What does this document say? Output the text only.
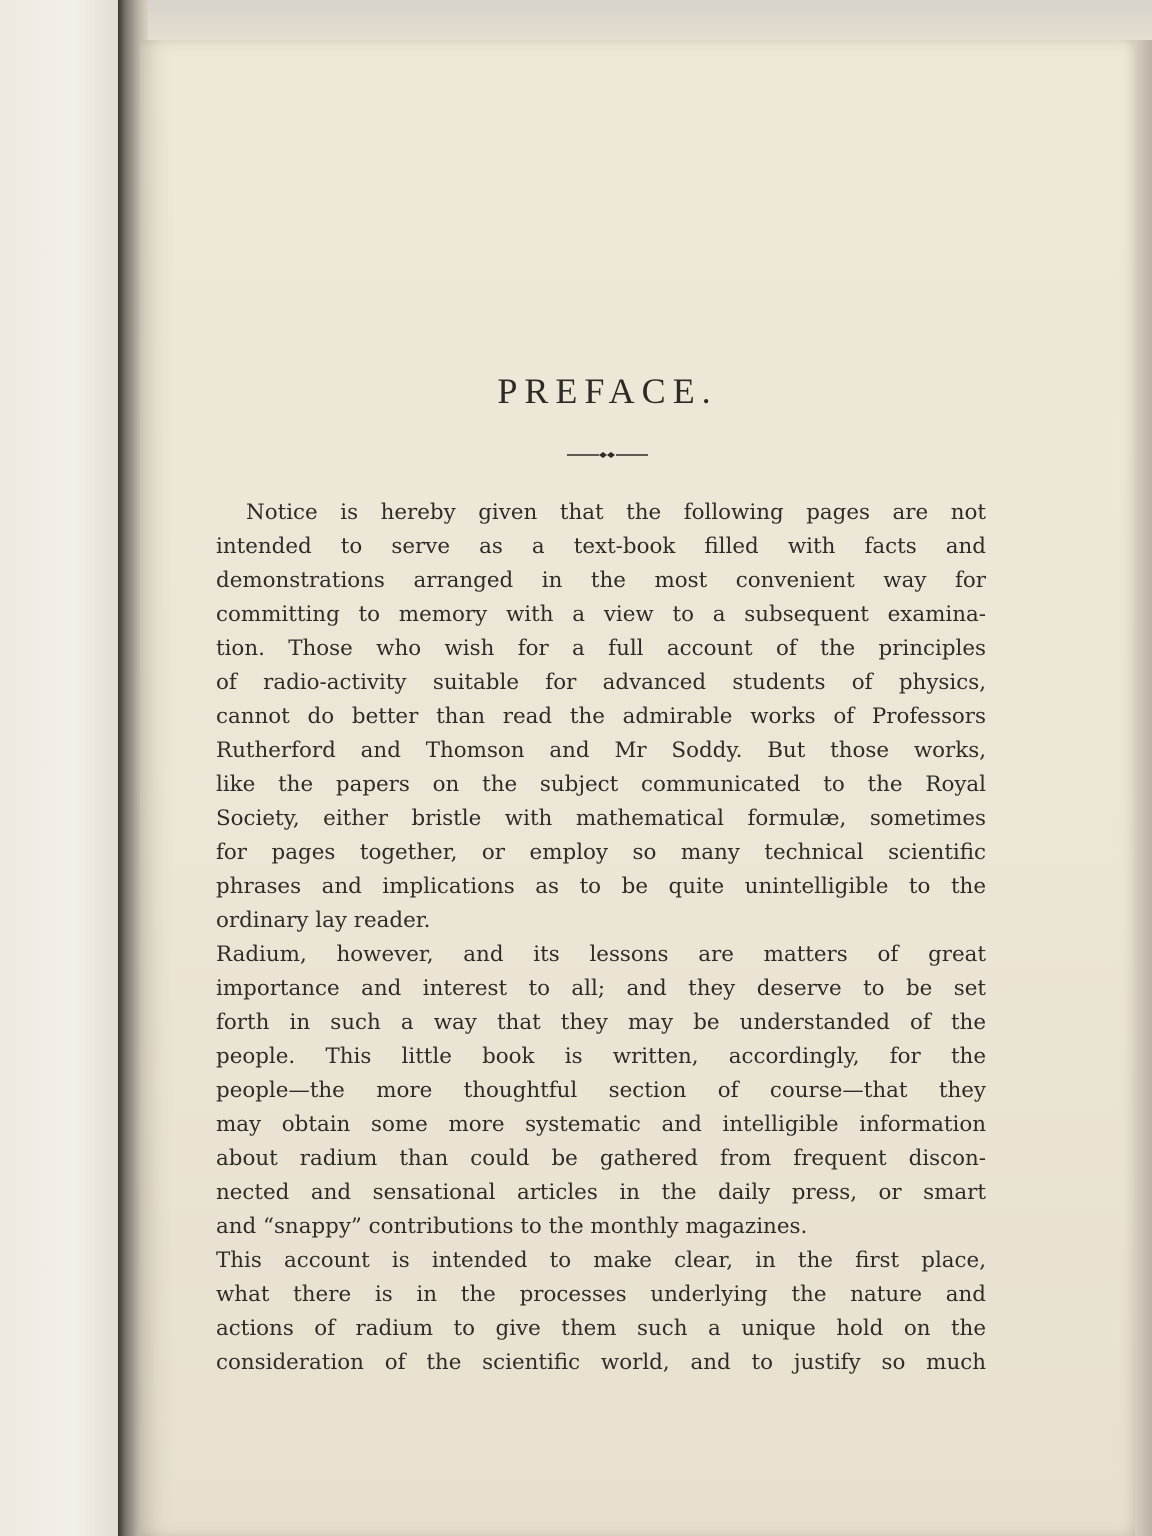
PREFACE.
Notice is hereby given that the following pages are not
intended to serve as a text-book filled with facts and
demonstrations arranged in the most convenient way for
committing to memory with a view to a subsequent examina-
tion. Those who wish for a full account of the principles
of radio-activity suitable for advanced students of physics,
cannot do better than read the admirable works of Professors
Rutherford and Thomson and Mr Soddy. But those works,
like the papers on the subject communicated to the Royal
Society, either bristle with mathematical formulæ, sometimes
for pages together, or employ so many technical scientific
phrases and implications as to be quite unintelligible to the
ordinary lay reader.
Radium, however, and its lessons are matters of great
importance and interest to all; and they deserve to be set
forth in such a way that they may be understanded of the
people. This little book is written, accordingly, for the
people—the more thoughtful section of course—that they
may obtain some more systematic and intelligible information
about radium than could be gathered from frequent discon-
nected and sensational articles in the daily press, or smart
and “snappy” contributions to the monthly magazines.
This account is intended to make clear, in the first place,
what there is in the processes underlying the nature and
actions of radium to give them such a unique hold on the
consideration of the scientific world, and to justify so much
